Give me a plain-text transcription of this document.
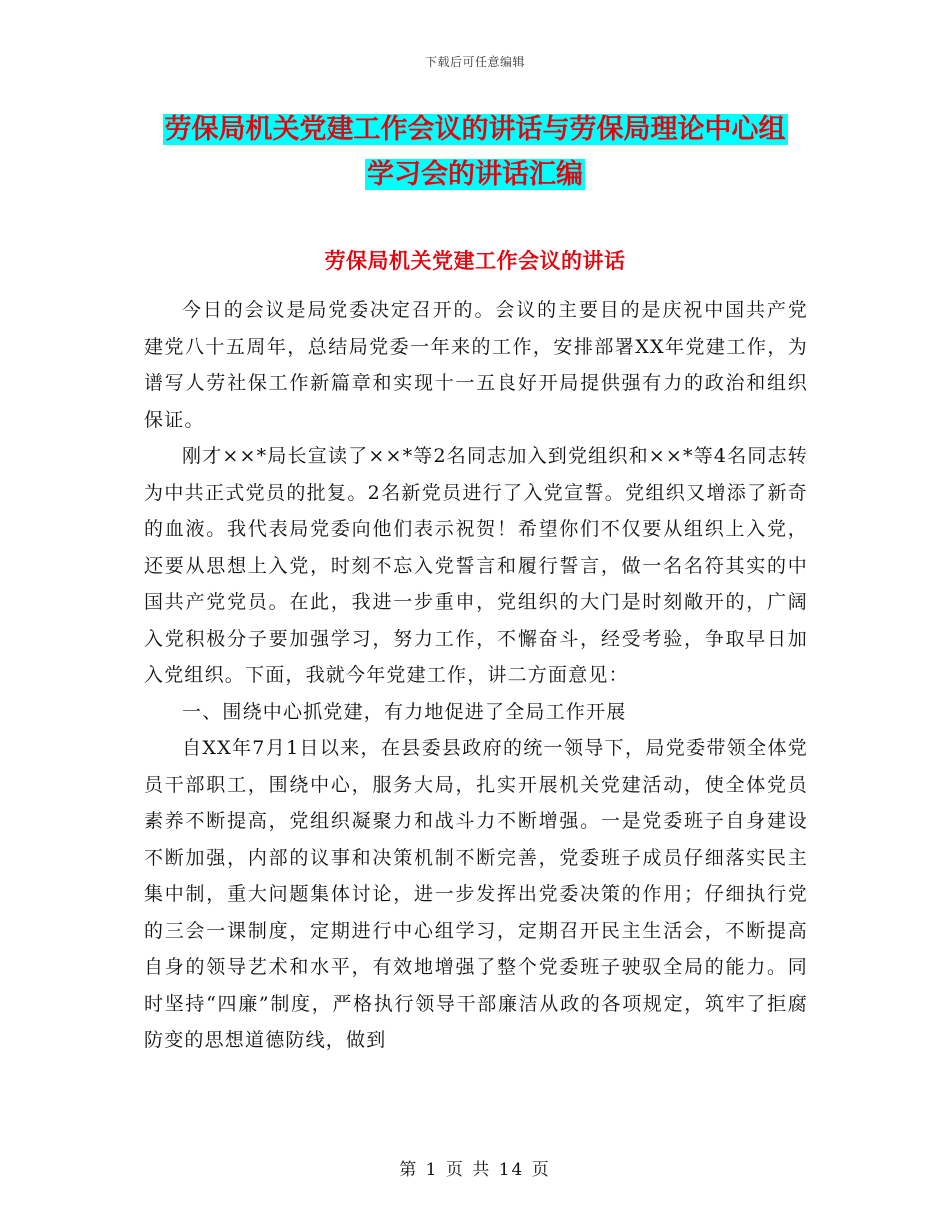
下载后可任意编辑
劳保局机关党建工作会议的讲话与劳保局理论中心组
学习会的讲话汇编
劳保局机关党建工作会议的讲话

今日的会议是局党委决定召开的。会议的主要目的是庆祝中国共产党建党八十五周年，总结局党委一年来的工作，安排部署XX年党建工作，为谱写人劳社保工作新篇章和实现十一五良好开局提供强有力的政治和组织保证。

刚才××*局长宣读了××*等2名同志加入到党组织和××*等4名同志转为中共正式党员的批复。2名新党员进行了入党宣誓。党组织又增添了新奇的血液。我代表局党委向他们表示祝贺！希望你们不仅要从组织上入党，还要从思想上入党，时刻不忘入党誓言和履行誓言，做一名名符其实的中国共产党党员。在此，我进一步重申，党组织的大门是时刻敞开的，广阔入党积极分子要加强学习，努力工作，不懈奋斗，经受考验，争取早日加入党组织。下面，我就今年党建工作，讲二方面意见：

一、围绕中心抓党建，有力地促进了全局工作开展

自XX年7月1日以来，在县委县政府的统一领导下，局党委带领全体党员干部职工，围绕中心，服务大局，扎实开展机关党建活动，使全体党员素养不断提高，党组织凝聚力和战斗力不断增强。一是党委班子自身建设不断加强，内部的议事和决策机制不断完善，党委班子成员仔细落实民主集中制，重大问题集体讨论，进一步发挥出党委决策的作用；仔细执行党的三会一课制度，定期进行中心组学习，定期召开民主生活会，不断提高自身的领导艺术和水平，有效地增强了整个党委班子驶驭全局的能力。同时坚持“四廉”制度，严格执行领导干部廉洁从政的各项规定，筑牢了拒腐防变的思想道德防线，做到

第 1 页 共 14 页
